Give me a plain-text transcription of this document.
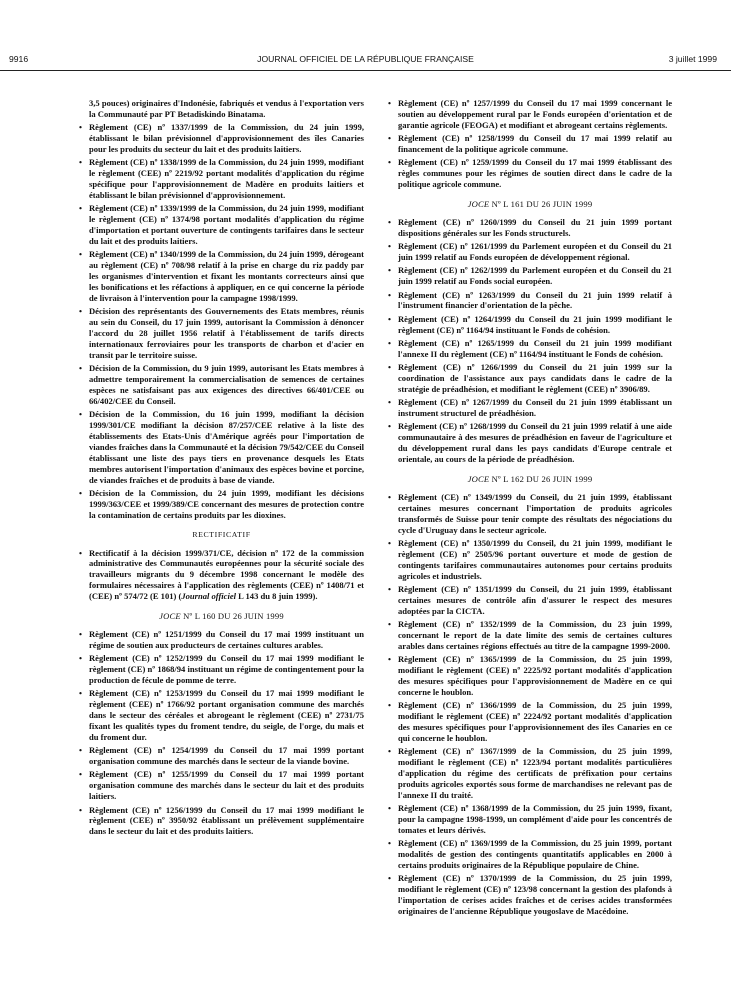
9916	JOURNAL OFFICIEL DE LA RÉPUBLIQUE FRANÇAISE	3 juillet 1999
3,5 pouces) originaires d'Indonésie, fabriqués et vendus à l'exportation vers la Communauté par PT Betadiskindo Binatama.
• Règlement (CE) nº 1337/1999 de la Commission, du 24 juin 1999, établissant le bilan prévisionnel d'approvisionnement des îles Canaries pour les produits du secteur du lait et des produits laitiers.
• Règlement (CE) nº 1338/1999 de la Commission, du 24 juin 1999, modifiant le règlement (CEE) nº 2219/92 portant modalités d'application du régime spécifique pour l'approvisionnement de Madère en produits laitiers et établissant le bilan prévisionnel d'approvisionnement.
• Règlement (CE) nº 1339/1999 de la Commission, du 24 juin 1999, modifiant le règlement (CE) nº 1374/98 portant modalités d'application du régime d'importation et portant ouverture de contingents tarifaires dans le secteur du lait et des produits laitiers.
• Règlement (CE) nº 1340/1999 de la Commission, du 24 juin 1999, dérogeant au règlement (CE) nº 708/98 relatif à la prise en charge du riz paddy par les organismes d'intervention et fixant les montants correcteurs ainsi que les bonifications et les réfactions à appliquer, en ce qui concerne la période de livraison à l'intervention pour la campagne 1998/1999.
• Décision des représentants des Gouvernements des Etats membres, réunis au sein du Conseil, du 17 juin 1999, autorisant la Commission à dénoncer l'accord du 28 juillet 1956 relatif à l'établissement de tarifs directs internationaux ferroviaires pour les transports de charbon et d'acier en transit par le territoire suisse.
• Décision de la Commission, du 9 juin 1999, autorisant les Etats membres à admettre temporairement la commercialisation de semences de certaines espèces ne satisfaisant pas aux exigences des directives 66/401/CEE ou 66/402/CEE du Conseil.
• Décision de la Commission, du 16 juin 1999, modifiant la décision 1999/301/CE modifiant la décision 87/257/CEE relative à la liste des établissements des Etats-Unis d'Amérique agréés pour l'importation de viandes fraîches dans la Communauté et la décision 79/542/CEE du Conseil établissant une liste des pays tiers en provenance desquels les Etats membres autorisent l'importation d'animaux des espèces bovine et porcine, de viandes fraîches et de produits à base de viande.
• Décision de la Commission, du 24 juin 1999, modifiant les décisions 1999/363/CEE et 1999/389/CE concernant des mesures de protection contre la contamination de certains produits par les dioxines.
RECTIFICATIF
• Rectificatif à la décision 1999/371/CE, décision nº 172 de la commission administrative des Communautés européennes pour la sécurité sociale des travailleurs migrants du 9 décembre 1998 concernant le modèle des formulaires nécessaires à l'application des règlements (CEE) nº 1408/71 et (CEE) nº 574/72 (E 101) (Journal officiel L 143 du 8 juin 1999).
JOCE Nº L 160 DU 26 JUIN 1999
• Règlement (CE) nº 1251/1999 du Conseil du 17 mai 1999 instituant un régime de soutien aux producteurs de certaines cultures arables.
• Règlement (CE) nº 1252/1999 du Conseil du 17 mai 1999 modifiant le règlement (CE) nº 1868/94 instituant un régime de contingentement pour la production de fécule de pomme de terre.
• Règlement (CE) nº 1253/1999 du Conseil du 17 mai 1999 modifiant le règlement (CEE) nº 1766/92 portant organisation commune des marchés dans le secteur des céréales et abrogeant le règlement (CEE) nº 2731/75 fixant les qualités types du froment tendre, du seigle, de l'orge, du maïs et du froment dur.
• Règlement (CE) nº 1254/1999 du Conseil du 17 mai 1999 portant organisation commune des marchés dans le secteur de la viande bovine.
• Règlement (CE) nº 1255/1999 du Conseil du 17 mai 1999 portant organisation commune des marchés dans le secteur du lait et des produits laitiers.
• Règlement (CE) nº 1256/1999 du Conseil du 17 mai 1999 modifiant le règlement (CEE) nº 3950/92 établissant un prélèvement supplémentaire dans le secteur du lait et des produits laitiers.
• Règlement (CE) nº 1257/1999 du Conseil du 17 mai 1999 concernant le soutien au développement rural par le Fonds européen d'orientation et de garantie agricole (FEOGA) et modifiant et abrogeant certains règlements.
• Règlement (CE) nº 1258/1999 du Conseil du 17 mai 1999 relatif au financement de la politique agricole commune.
• Règlement (CE) nº 1259/1999 du Conseil du 17 mai 1999 établissant des règles communes pour les régimes de soutien direct dans le cadre de la politique agricole commune.
JOCE Nº L 161 DU 26 JUIN 1999
• Règlement (CE) nº 1260/1999 du Conseil du 21 juin 1999 portant dispositions générales sur les Fonds structurels.
• Règlement (CE) nº 1261/1999 du Parlement européen et du Conseil du 21 juin 1999 relatif au Fonds européen de développement régional.
• Règlement (CE) nº 1262/1999 du Parlement européen et du Conseil du 21 juin 1999 relatif au Fonds social européen.
• Règlement (CE) nº 1263/1999 du Conseil du 21 juin 1999 relatif à l'instrument financier d'orientation de la pêche.
• Règlement (CE) nº 1264/1999 du Conseil du 21 juin 1999 modifiant le règlement (CE) nº 1164/94 instituant le Fonds de cohésion.
• Règlement (CE) nº 1265/1999 du Conseil du 21 juin 1999 modifiant l'annexe II du règlement (CE) nº 1164/94 instituant le Fonds de cohésion.
• Règlement (CE) nº 1266/1999 du Conseil du 21 juin 1999 sur la coordination de l'assistance aux pays candidats dans le cadre de la stratégie de préadhésion, et modifiant le règlement (CEE) nº 3906/89.
• Règlement (CE) nº 1267/1999 du Conseil du 21 juin 1999 établissant un instrument structurel de préadhésion.
• Règlement (CE) nº 1268/1999 du Conseil du 21 juin 1999 relatif à une aide communautaire à des mesures de préadhésion en faveur de l'agriculture et du développement rural dans les pays candidats d'Europe centrale et orientale, au cours de la période de préadhésion.
JOCE Nº L 162 DU 26 JUIN 1999
• Règlement (CE) nº 1349/1999 du Conseil, du 21 juin 1999, établissant certaines mesures concernant l'importation de produits agricoles transformés de Suisse pour tenir compte des résultats des négociations du cycle d'Uruguay dans le secteur agricole.
• Règlement (CE) nº 1350/1999 du Conseil, du 21 juin 1999, modifiant le règlement (CE) nº 2505/96 portant ouverture et mode de gestion de contingents tarifaires communautaires autonomes pour certains produits agricoles et industriels.
• Règlement (CE) nº 1351/1999 du Conseil, du 21 juin 1999, établissant certaines mesures de contrôle afin d'assurer le respect des mesures adoptées par la CICTA.
• Règlement (CE) nº 1352/1999 de la Commission, du 23 juin 1999, concernant le report de la date limite des semis de certaines cultures arables dans certaines régions effectués au titre de la campagne 1999-2000.
• Règlement (CE) nº 1365/1999 de la Commission, du 25 juin 1999, modifiant le règlement (CEE) nº 2225/92 portant modalités d'application des mesures spécifiques pour l'approvisionnement de Madère en ce qui concerne le houblon.
• Règlement (CE) nº 1366/1999 de la Commission, du 25 juin 1999, modifiant le règlement (CEE) nº 2224/92 portant modalités d'application des mesures spécifiques pour l'approvisionnement des îles Canaries en ce qui concerne le houblon.
• Règlement (CE) nº 1367/1999 de la Commission, du 25 juin 1999, modifiant le règlement (CE) nº 1223/94 portant modalités particulières d'application du régime des certificats de préfixation pour certains produits agricoles exportés sous forme de marchandises ne relevant pas de l'annexe II du traité.
• Règlement (CE) nº 1368/1999 de la Commission, du 25 juin 1999, fixant, pour la campagne 1998-1999, un complément d'aide pour les concentrés de tomates et leurs dérivés.
• Règlement (CE) nº 1369/1999 de la Commission, du 25 juin 1999, portant modalités de gestion des contingents quantitatifs applicables en 2000 à certains produits originaires de la République populaire de Chine.
• Règlement (CE) nº 1370/1999 de la Commission, du 25 juin 1999, modifiant le règlement (CE) nº 123/98 concernant la gestion des plafonds à l'importation de cerises acides fraîches et de cerises acides transformées originaires de l'ancienne République yougoslave de Macédoine.
